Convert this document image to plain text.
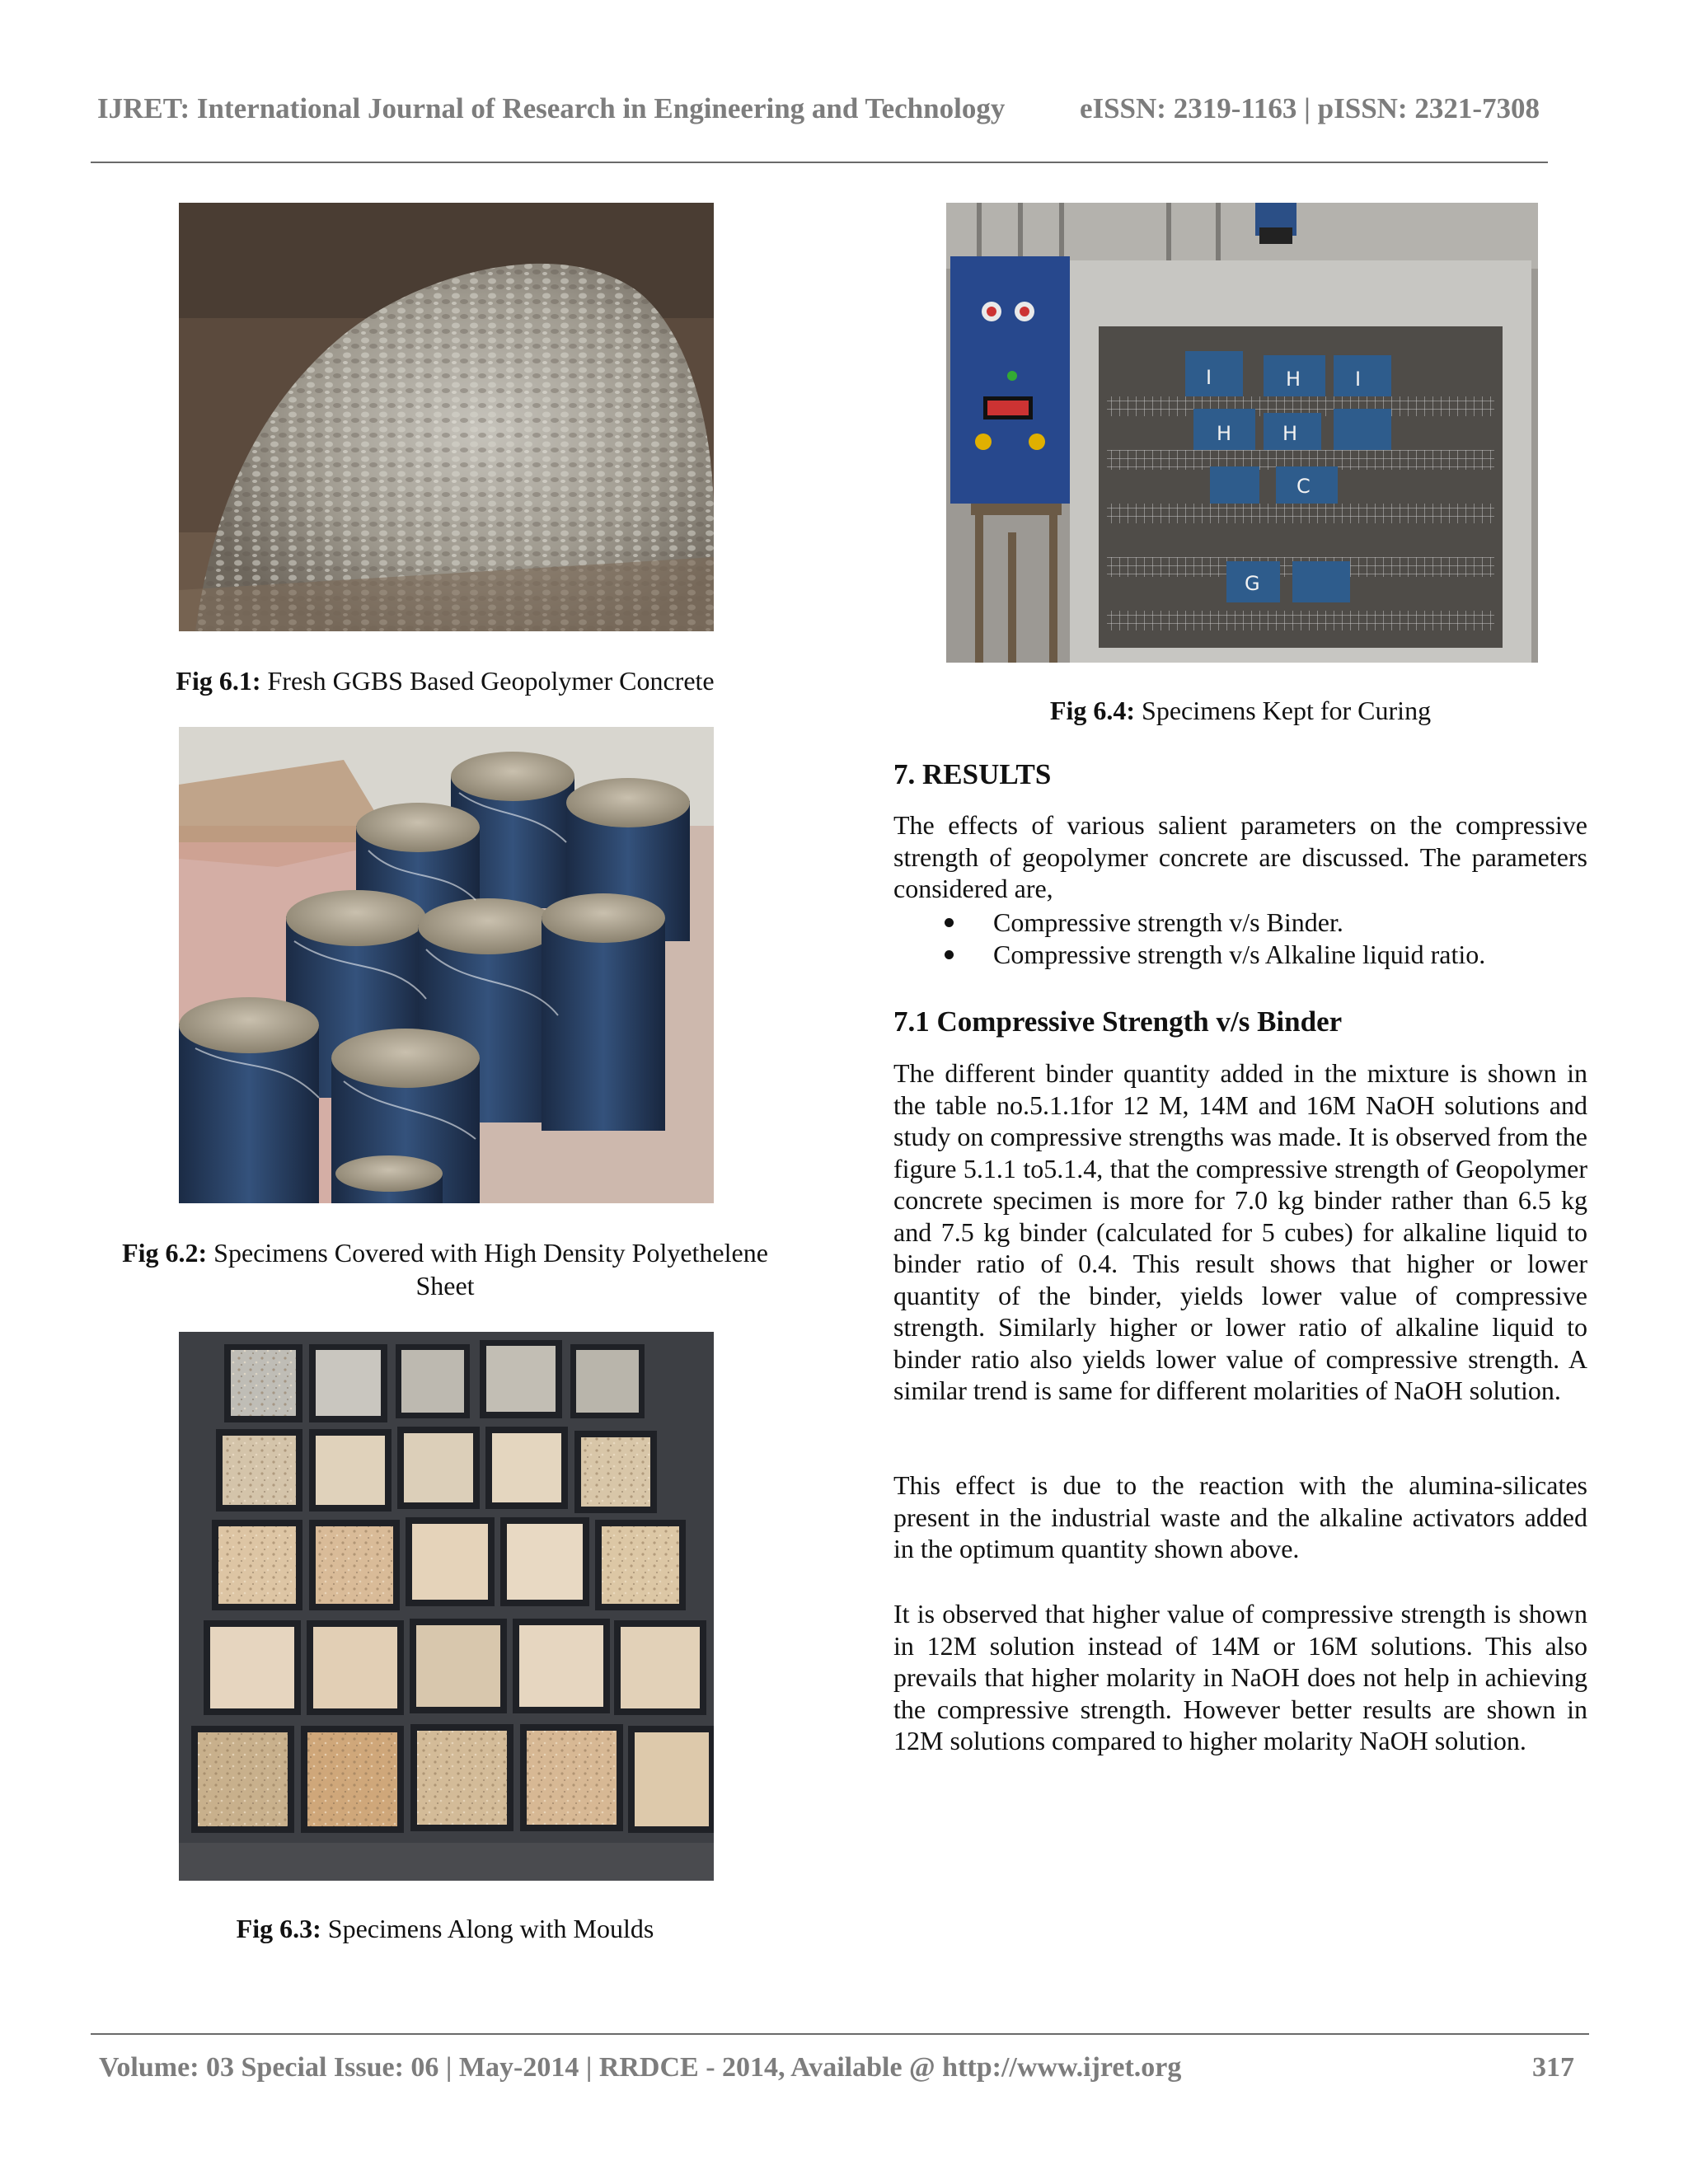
IJRET: International Journal of Research in Engineering and Technology	eISSN: 2319-1163 | pISSN: 2321-7308
Fig 6.1: Fresh GGBS Based Geopolymer Concrete
Fig 6.2: Specimens Covered with High Density Polyethelene Sheet
Fig 6.3: Specimens Along with Moulds
I	H	I
H	H
C
G
Fig 6.4: Specimens Kept for Curing
7. RESULTS
The effects of various salient parameters on the compressive strength of geopolymer concrete are discussed. The parameters considered are,
Compressive strength v/s Binder.
Compressive strength v/s Alkaline liquid ratio.
7.1 Compressive Strength v/s Binder
The different binder quantity added in the mixture is shown in the table no.5.1.1for 12 M, 14M and 16M NaOH solutions and study on compressive strengths was made. It is observed from the figure 5.1.1 to5.1.4, that the compressive strength of Geopolymer concrete specimen is more for 7.0 kg binder rather than 6.5 kg and 7.5 kg binder (calculated for 5 cubes) for alkaline liquid to binder ratio of 0.4. This result shows that higher or lower quantity of the binder, yields lower value of compressive strength. Similarly higher or lower ratio of alkaline liquid to binder ratio also yields lower value of compressive strength. A similar trend is same for different molarities of NaOH solution.
This effect is due to the reaction with the alumina-silicates present in the industrial waste and the alkaline activators added in the optimum quantity shown above.
It is observed that higher value of compressive strength is shown in 12M solution instead of 14M or 16M solutions. This also prevails that higher molarity in NaOH does not help in achieving the compressive strength. However better results are shown in 12M solutions compared to higher molarity NaOH solution.
Volume: 03 Special Issue: 06 | May-2014 | RRDCE - 2014, Available @ http://www.ijret.org	317
